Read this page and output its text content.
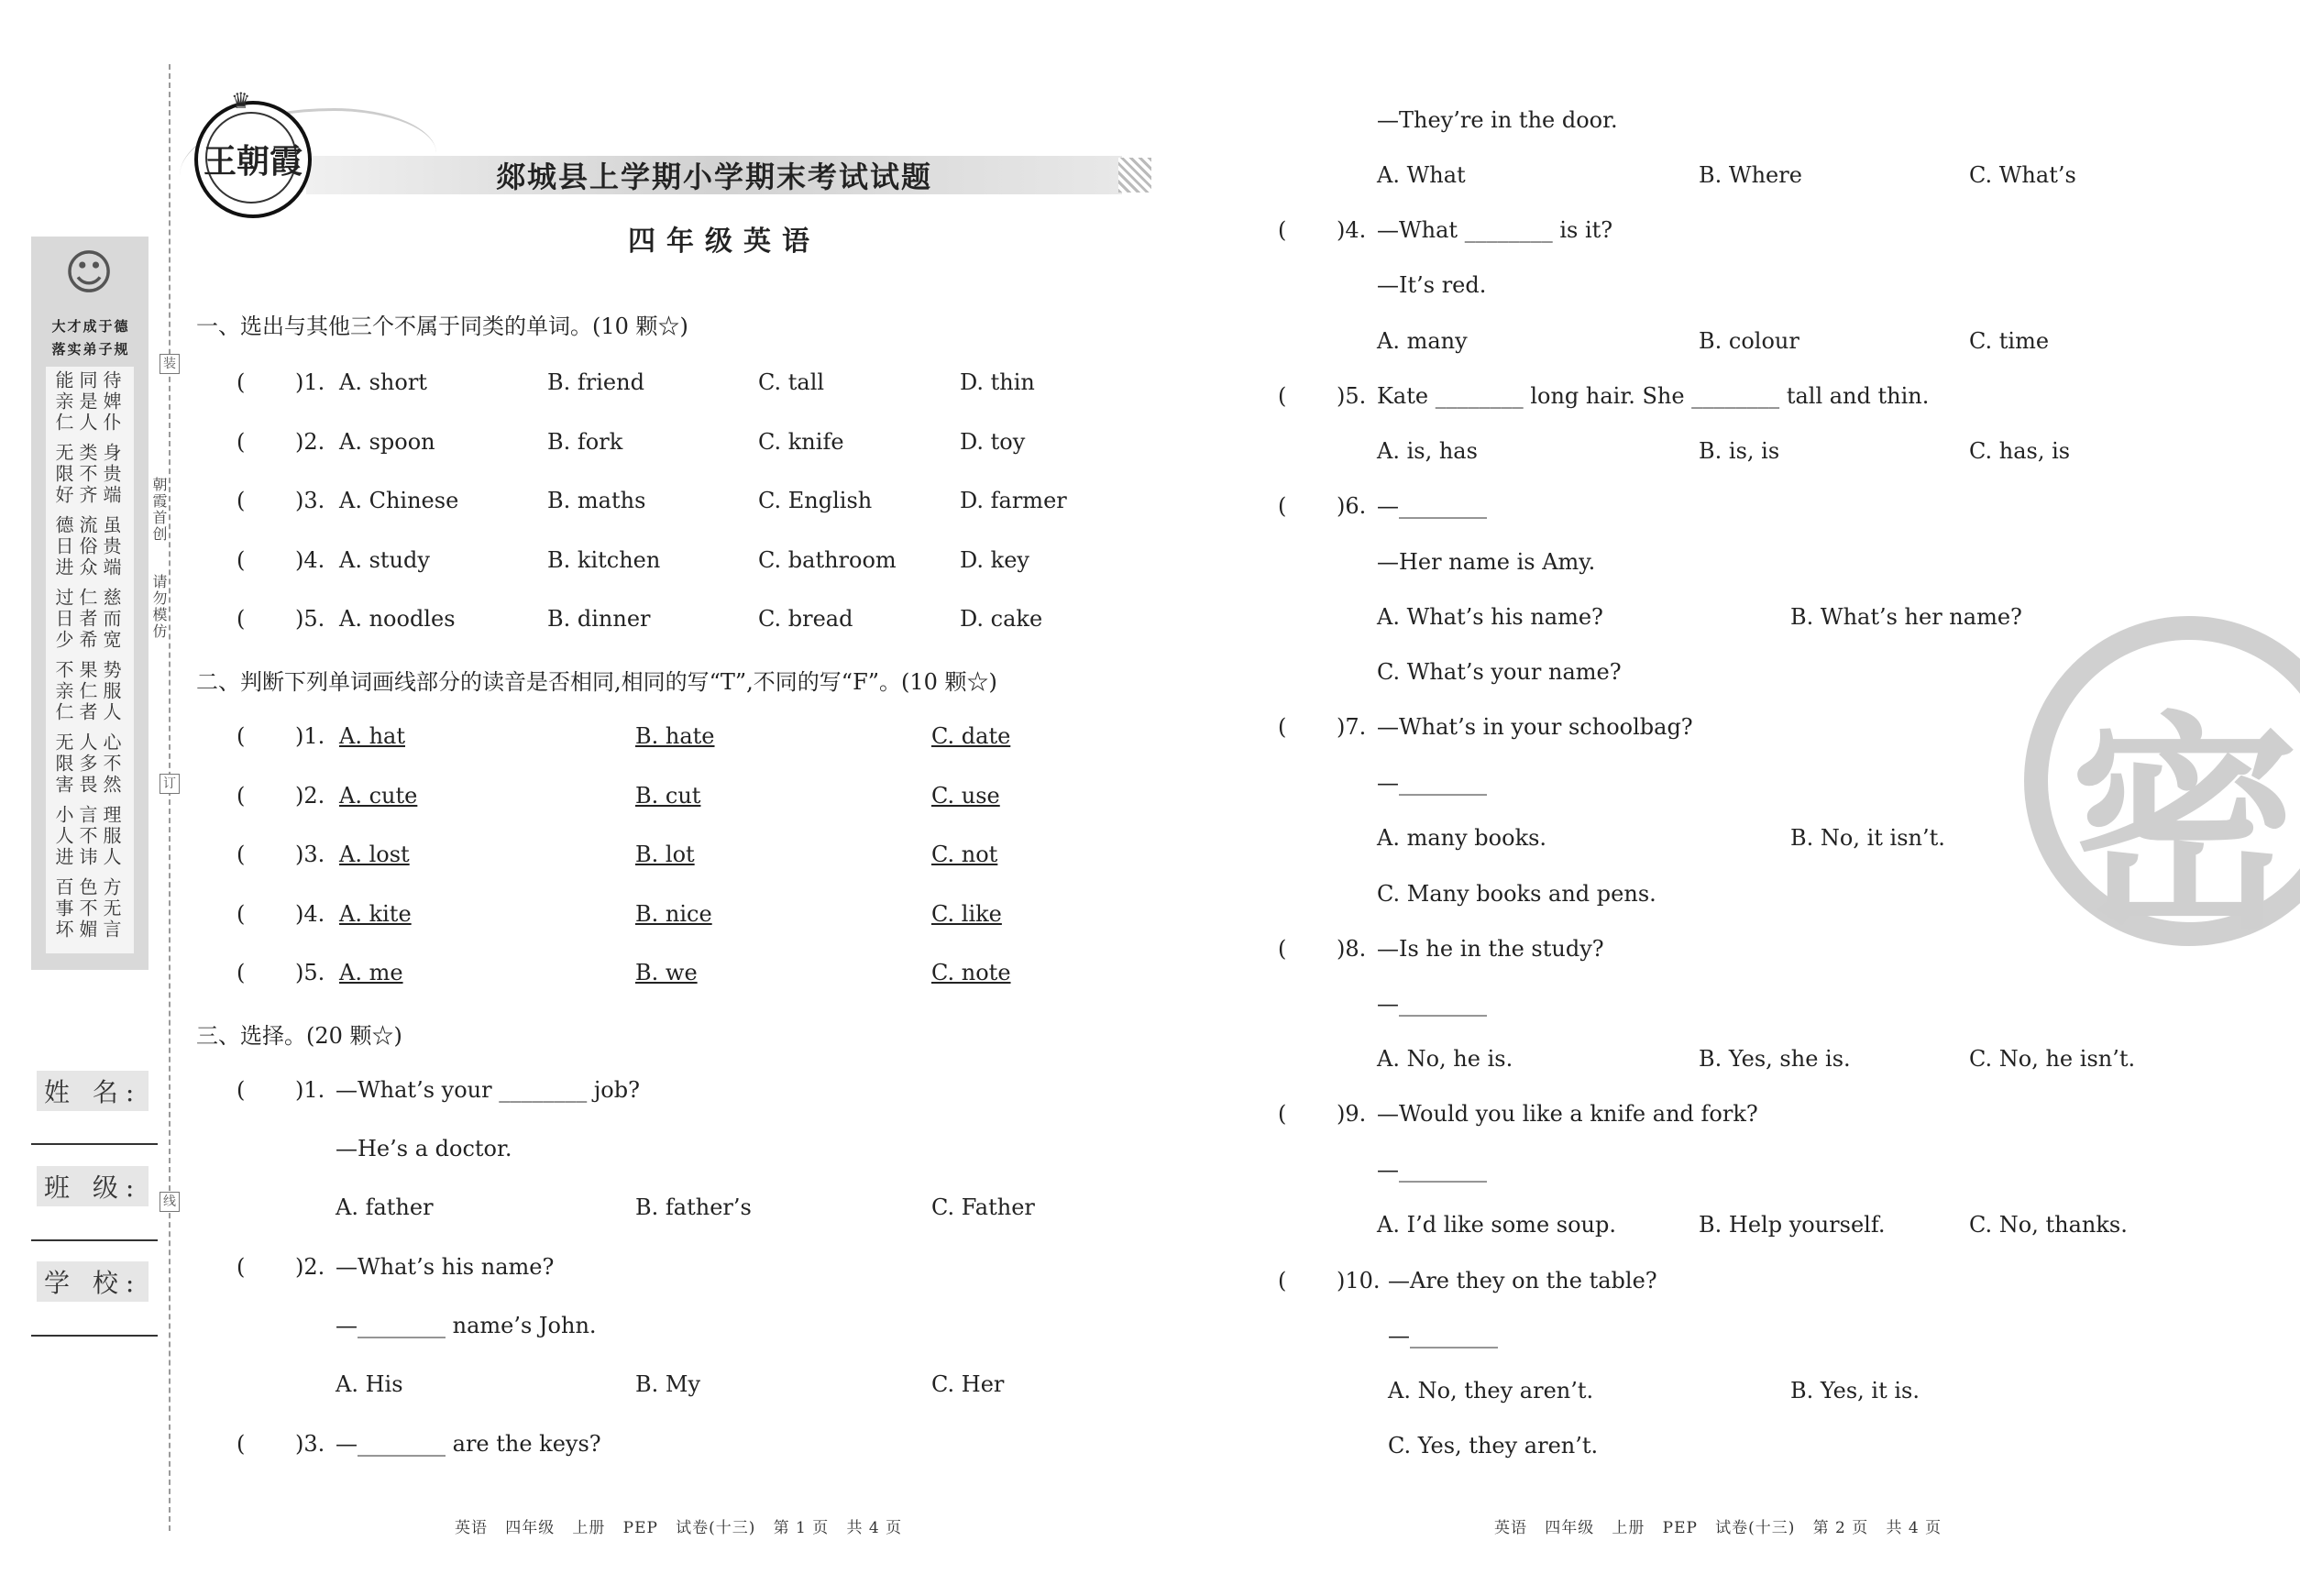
☺
大才成于德
落实弟子规
能亲仁 同是人 待婢仆
无限好 类不齐 身贵端
德日进 流俗众 虽贵端
过日少 仁者希 慈而宽
不亲仁 果仁者 势服人
无限害 人多畏 心不然
小人进 言不讳 理服人
百事坏 色不媚 方无言
装
订
线
朝霞首创
请勿模仿
姓 名:
班 级:
学 校:
王朝霞
♛
郯城县上学期小学期末考试试题
四年级英语
一、选出与其他三个不属于同类的单词。(10 颗☆)
( )1. A. short	B. friend	C. tall	D. thin
( )2. A. spoon	B. fork	C. knife	D. toy
( )3. A. Chinese	B. maths	C. English	D. farmer
( )4. A. study	B. kitchen	C. bathroom	D. key
( )5. A. noodles	B. dinner	C. bread	D. cake
二、判断下列单词画线部分的读音是否相同,相同的写“T”,不同的写“F”。(10 颗☆)
( )1. A. hat	B. hate	C. date
( )2. A. cute	B. cut	C. use
( )3. A. lost	B. lot	C. not
( )4. A. kite	B. nice	C. like
( )5. A. me	B. we	C. note
三、选择。(20 颗☆)
( )1. —What’s your ________ job?
—He’s a doctor.
A. father	B. father’s	C. Father
( )2. —What’s his name?
—________ name’s John.
A. His	B. My	C. Her
( )3. —________ are the keys?
—They’re in the door.
A. What	B. Where	C. What’s
( )4. —What ________ is it?
—It’s red.
A. many	B. colour	C. time
( )5. Kate ________ long hair. She ________ tall and thin.
A. is, has	B. is, is	C. has, is
( )6. —________
—Her name is Amy.
A. What’s his name?	B. What’s her name?
C. What’s your name?
( )7. —What’s in your schoolbag?
—________
A. many books.	B. No, it isn’t.
C. Many books and pens.
( )8. —Is he in the study?
—________
A. No, he is.	B. Yes, she is.	C. No, he isn’t.
( )9. —Would you like a knife and fork?
—________
A. I’d like some soup.	B. Help yourself.	C. No, thanks.
( )10. —Are they on the table?
—________
A. No, they aren’t.	B. Yes, it is.
C. Yes, they aren’t.
密
英语   四年级   上册   PEP   试卷(十三)   第 1 页   共 4 页	英语   四年级   上册   PEP   试卷(十三)   第 2 页   共 4 页
